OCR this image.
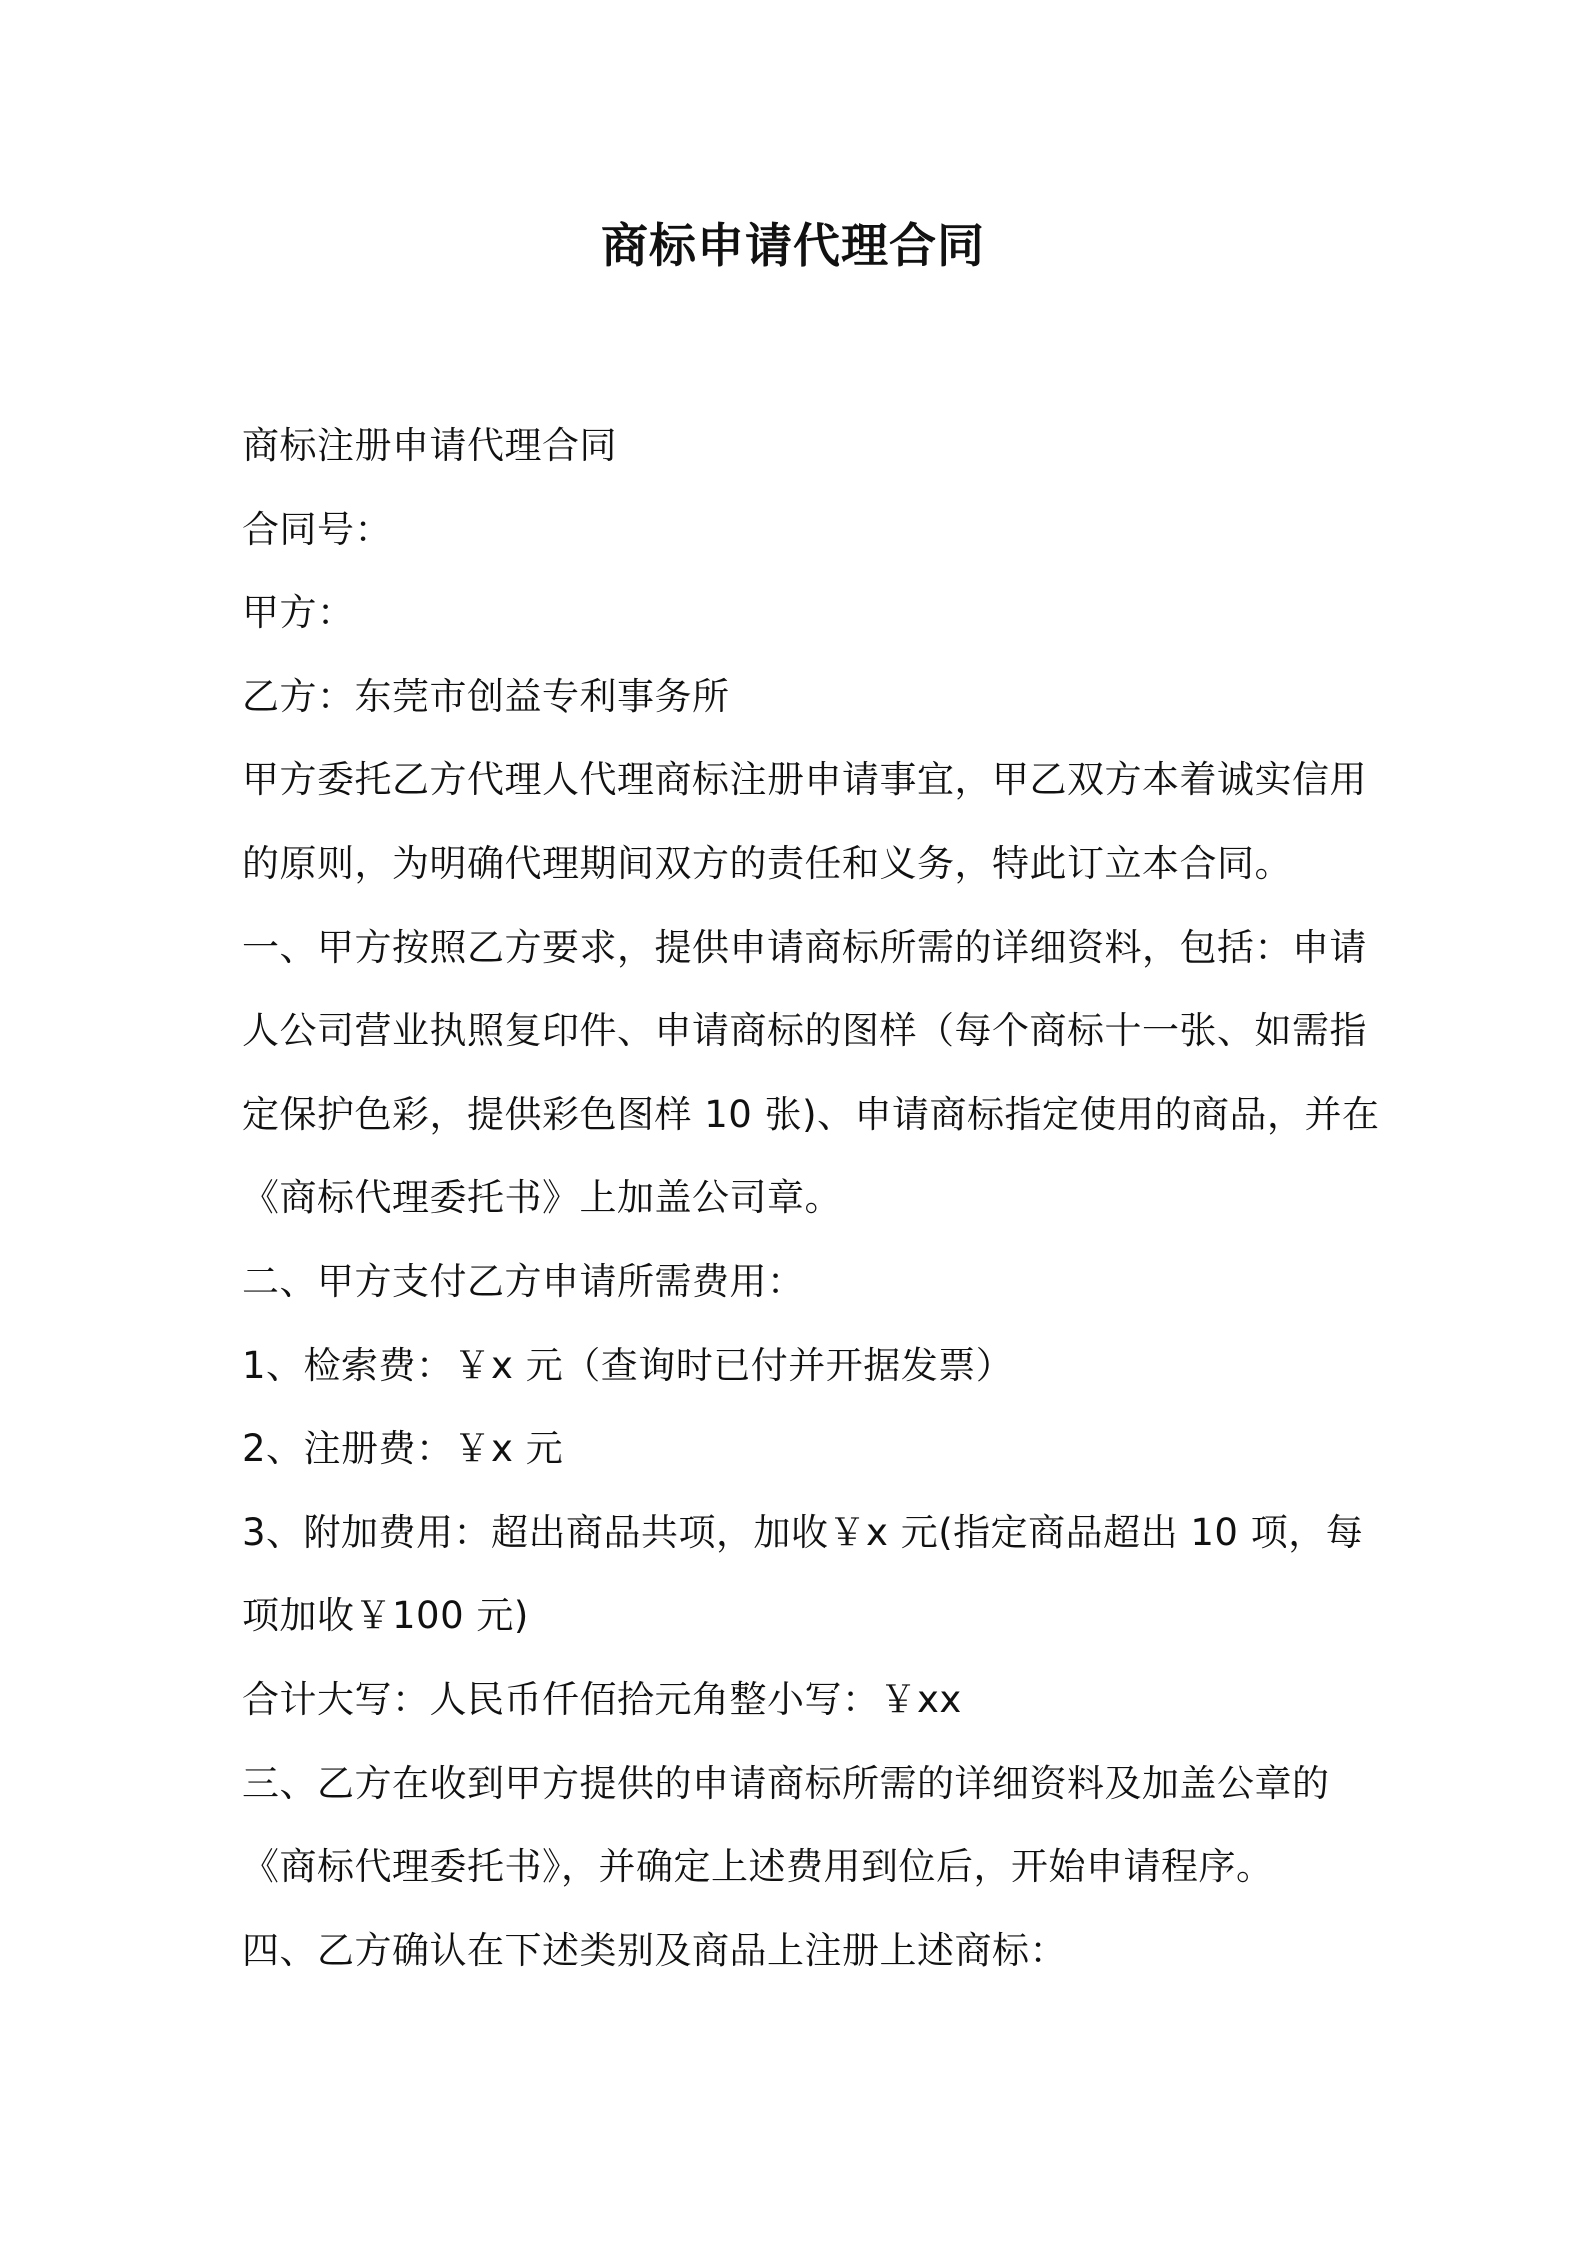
商标申请代理合同

商标注册申请代理合同

合同号：

甲方：

乙方：东莞市创益专利事务所

甲方委托乙方代理人代理商标注册申请事宜，甲乙双方本着诚实信用

的原则，为明确代理期间双方的责任和义务，特此订立本合同。

一、甲方按照乙方要求，提供申请商标所需的详细资料，包括：申请

人公司营业执照复印件、申请商标的图样（每个商标十一张、如需指

定保护色彩，提供彩色图样 10 张)、申请商标指定使用的商品，并在

《商标代理委托书》上加盖公司章。

二、甲方支付乙方申请所需费用：

1、检索费：￥x 元（查询时已付并开据发票）

2、注册费：￥x 元

3、附加费用：超出商品共项，加收￥x 元(指定商品超出 10 项，每

项加收￥100 元)

合计大写：人民币仟佰拾元角整小写：￥xx

三、乙方在收到甲方提供的申请商标所需的详细资料及加盖公章的

《商标代理委托书》，并确定上述费用到位后，开始申请程序。

四、乙方确认在下述类别及商品上注册上述商标：
